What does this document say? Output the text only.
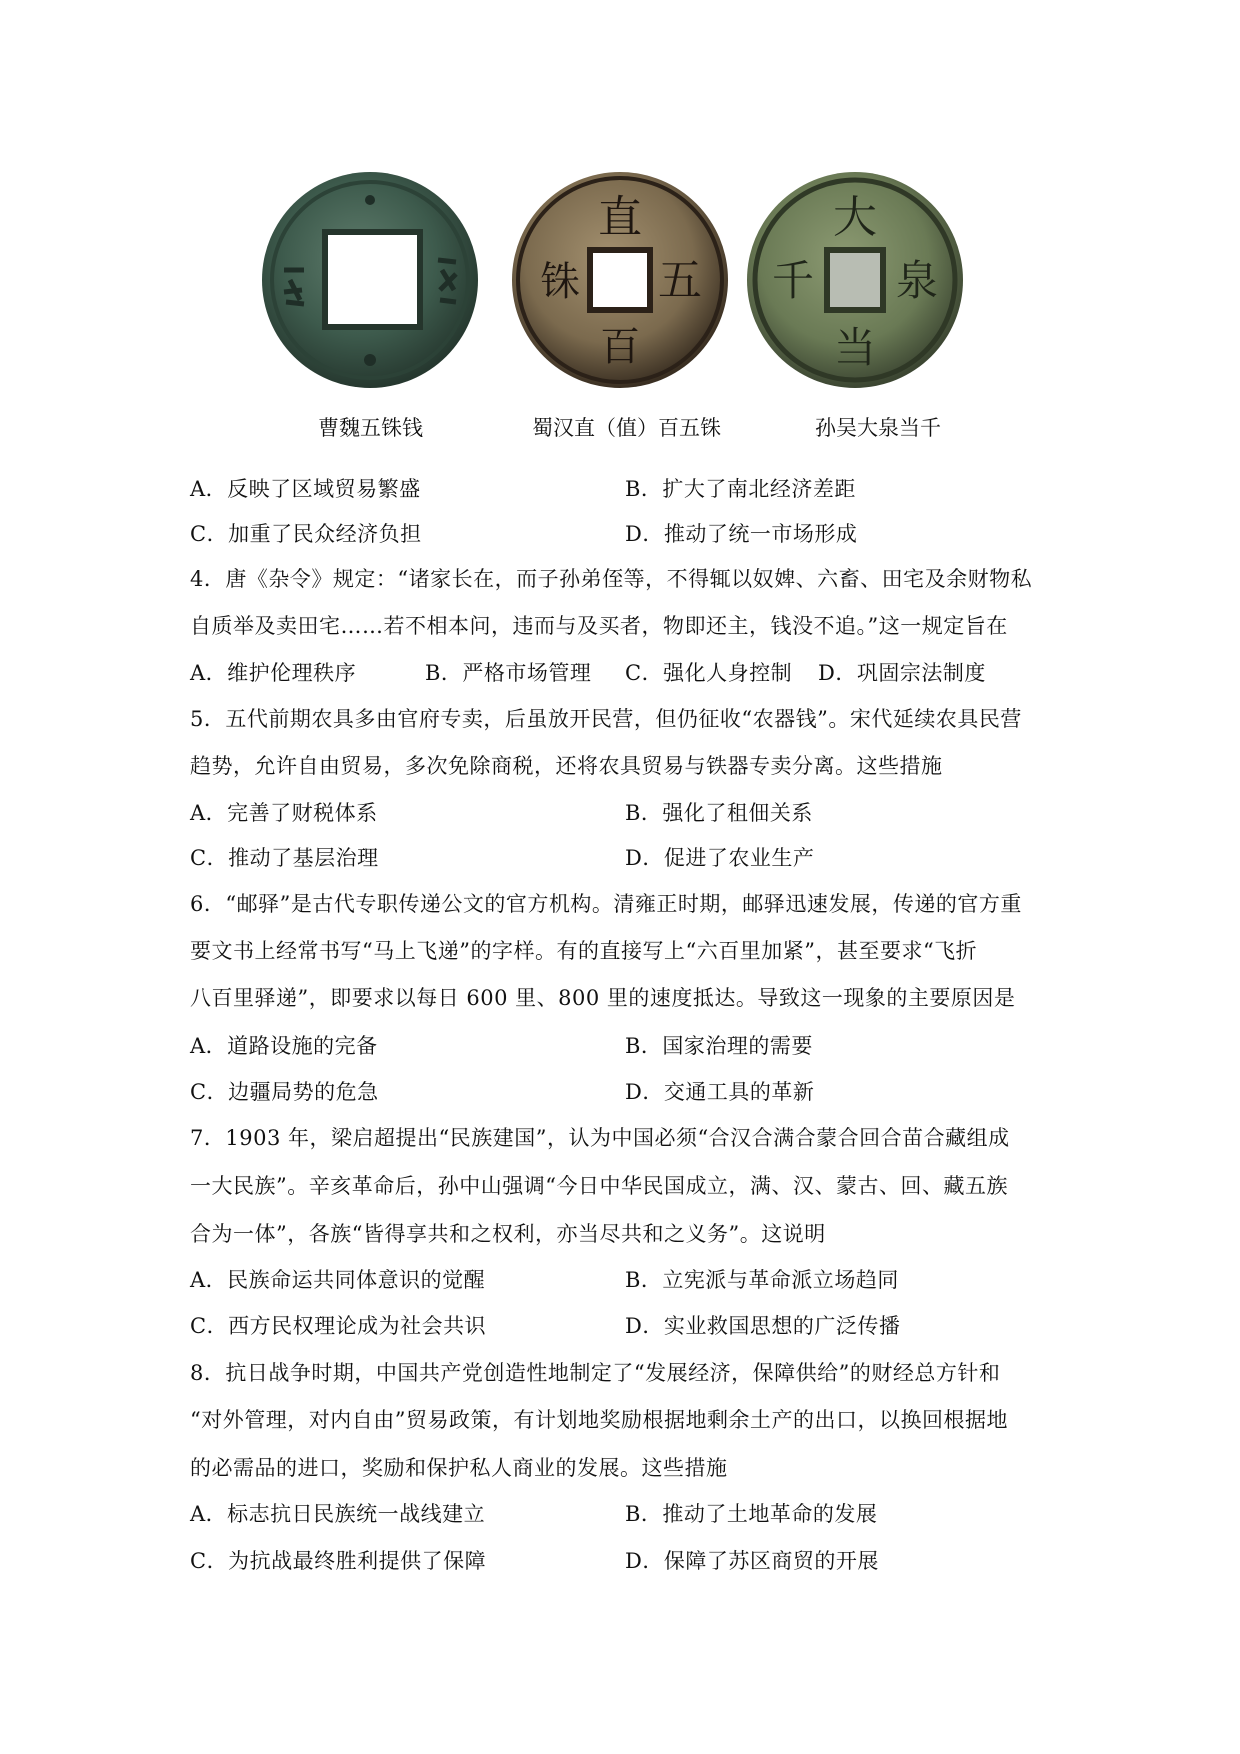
直
五
百
铢
大
泉
当
千
曹魏五铢钱	蜀汉直（值）百五铢	孙吴大泉当千
A．反映了区域贸易繁盛	B．扩大了南北经济差距
C．加重了民众经济负担	D．推动了统一市场形成
4．唐《杂令》规定：“诸家长在，而子孙弟侄等，不得辄以奴婢、六畜、田宅及余财物私
自质举及卖田宅……若不相本问，违而与及买者，物即还主，钱没不追。”这一规定旨在
A．维护伦理秩序	B．严格市场管理 C．强化人身控制 D．巩固宗法制度
5．五代前期农具多由官府专卖，后虽放开民营，但仍征收“农器钱”。宋代延续农具民营
趋势，允许自由贸易，多次免除商税，还将农具贸易与铁器专卖分离。这些措施
A．完善了财税体系	B．强化了租佃关系
C．推动了基层治理	D．促进了农业生产
6．“邮驿”是古代专职传递公文的官方机构。清雍正时期，邮驿迅速发展，传递的官方重
要文书上经常书写“马上飞递”的字样。有的直接写上“六百里加紧”，甚至要求“飞折
八百里驿递”，即要求以每日 600 里、800 里的速度抵达。导致这一现象的主要原因是
A．道路设施的完备	B．国家治理的需要
C．边疆局势的危急	D．交通工具的革新
7．1903 年，梁启超提出“民族建国”，认为中国必须“合汉合满合蒙合回合苗合藏组成
一大民族”。辛亥革命后，孙中山强调“今日中华民国成立，满、汉、蒙古、回、藏五族
合为一体”，各族“皆得享共和之权利，亦当尽共和之义务”。这说明
A．民族命运共同体意识的觉醒	B．立宪派与革命派立场趋同
C．西方民权理论成为社会共识	D．实业救国思想的广泛传播
8．抗日战争时期，中国共产党创造性地制定了“发展经济，保障供给”的财经总方针和
“对外管理，对内自由”贸易政策，有计划地奖励根据地剩余土产的出口，以换回根据地
的必需品的进口，奖励和保护私人商业的发展。这些措施
A．标志抗日民族统一战线建立	B．推动了土地革命的发展
C．为抗战最终胜利提供了保障	D．保障了苏区商贸的开展
